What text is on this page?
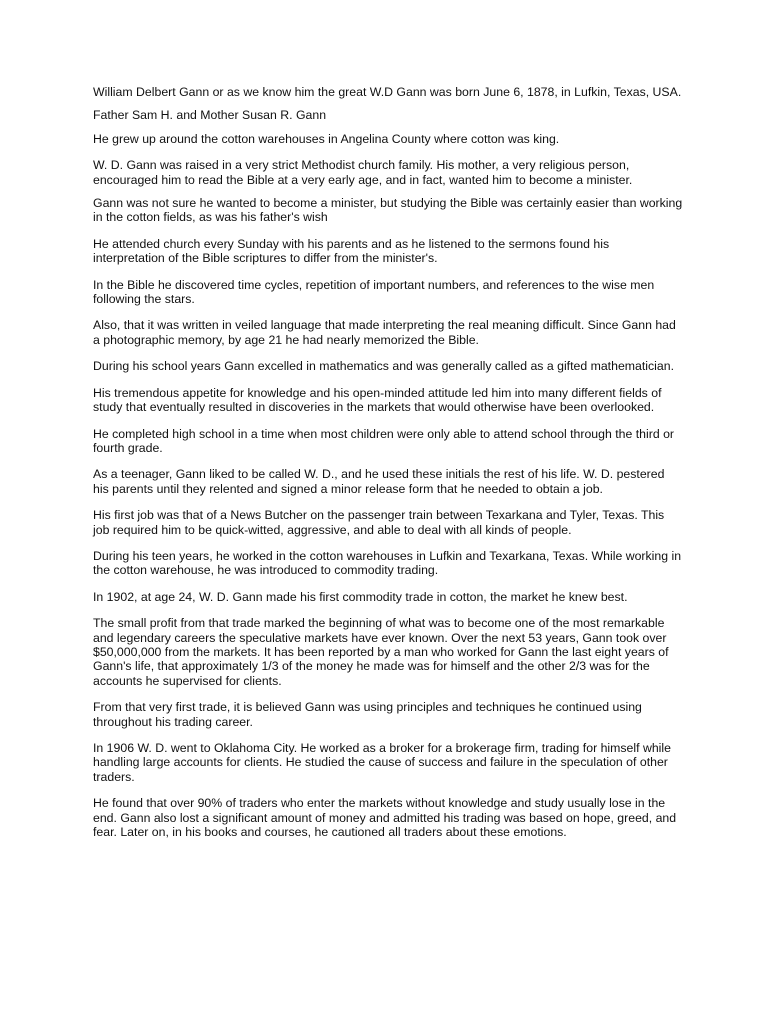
William Delbert Gann or as we know him the great W.D Gann was born June 6, 1878, in Lufkin, Texas, USA.

Father Sam H. and Mother Susan R. Gann

He grew up around the cotton warehouses in Angelina County where cotton was king.

W. D. Gann was raised in a very strict Methodist church family. His mother, a very religious person, encouraged him to read the Bible at a very early age, and in fact, wanted him to become a minister.

Gann was not sure he wanted to become a minister, but studying the Bible was certainly easier than working in the cotton fields, as was his father's wish

He attended church every Sunday with his parents and as he listened to the sermons found his interpretation of the Bible scriptures to differ from the minister's.

In the Bible he discovered time cycles, repetition of important numbers, and references to the wise men following the stars.

Also, that it was written in veiled language that made interpreting the real meaning difficult. Since Gann had a photographic memory, by age 21 he had nearly memorized the Bible.

During his school years Gann excelled in mathematics and was generally called as a gifted mathematician.

His tremendous appetite for knowledge and his open-minded attitude led him into many different fields of study that eventually resulted in discoveries in the markets that would otherwise have been overlooked.

He completed high school in a time when most children were only able to attend school through the third or fourth grade.

As a teenager, Gann liked to be called W. D., and he used these initials the rest of his life. W. D. pestered his parents until they relented and signed a minor release form that he needed to obtain a job.

His first job was that of a News Butcher on the passenger train between Texarkana and Tyler, Texas. This job required him to be quick-witted, aggressive, and able to deal with all kinds of people.

During his teen years, he worked in the cotton warehouses in Lufkin and Texarkana, Texas. While working in the cotton warehouse, he was introduced to commodity trading.

In 1902, at age 24, W. D. Gann made his first commodity trade in cotton, the market he knew best.

The small profit from that trade marked the beginning of what was to become one of the most remarkable and legendary careers the speculative markets have ever known. Over the next 53 years, Gann took over
$50,000,000 from the markets. It has been reported by a man who worked for Gann the last eight years of Gann's life, that approximately 1/3 of the money he made was for himself and the other 2/3 was for the accounts he supervised for clients.

From that very first trade, it is believed Gann was using principles and techniques he continued using throughout his trading career.

In 1906 W. D. went to Oklahoma City. He worked as a broker for a brokerage firm, trading for himself while handling large accounts for clients. He studied the cause of success and failure in the speculation of other traders.

He found that over 90% of traders who enter the markets without knowledge and study usually lose in the end. Gann also lost a significant amount of money and admitted his trading was based on hope, greed, and fear. Later on, in his books and courses, he cautioned all traders about these emotions.
